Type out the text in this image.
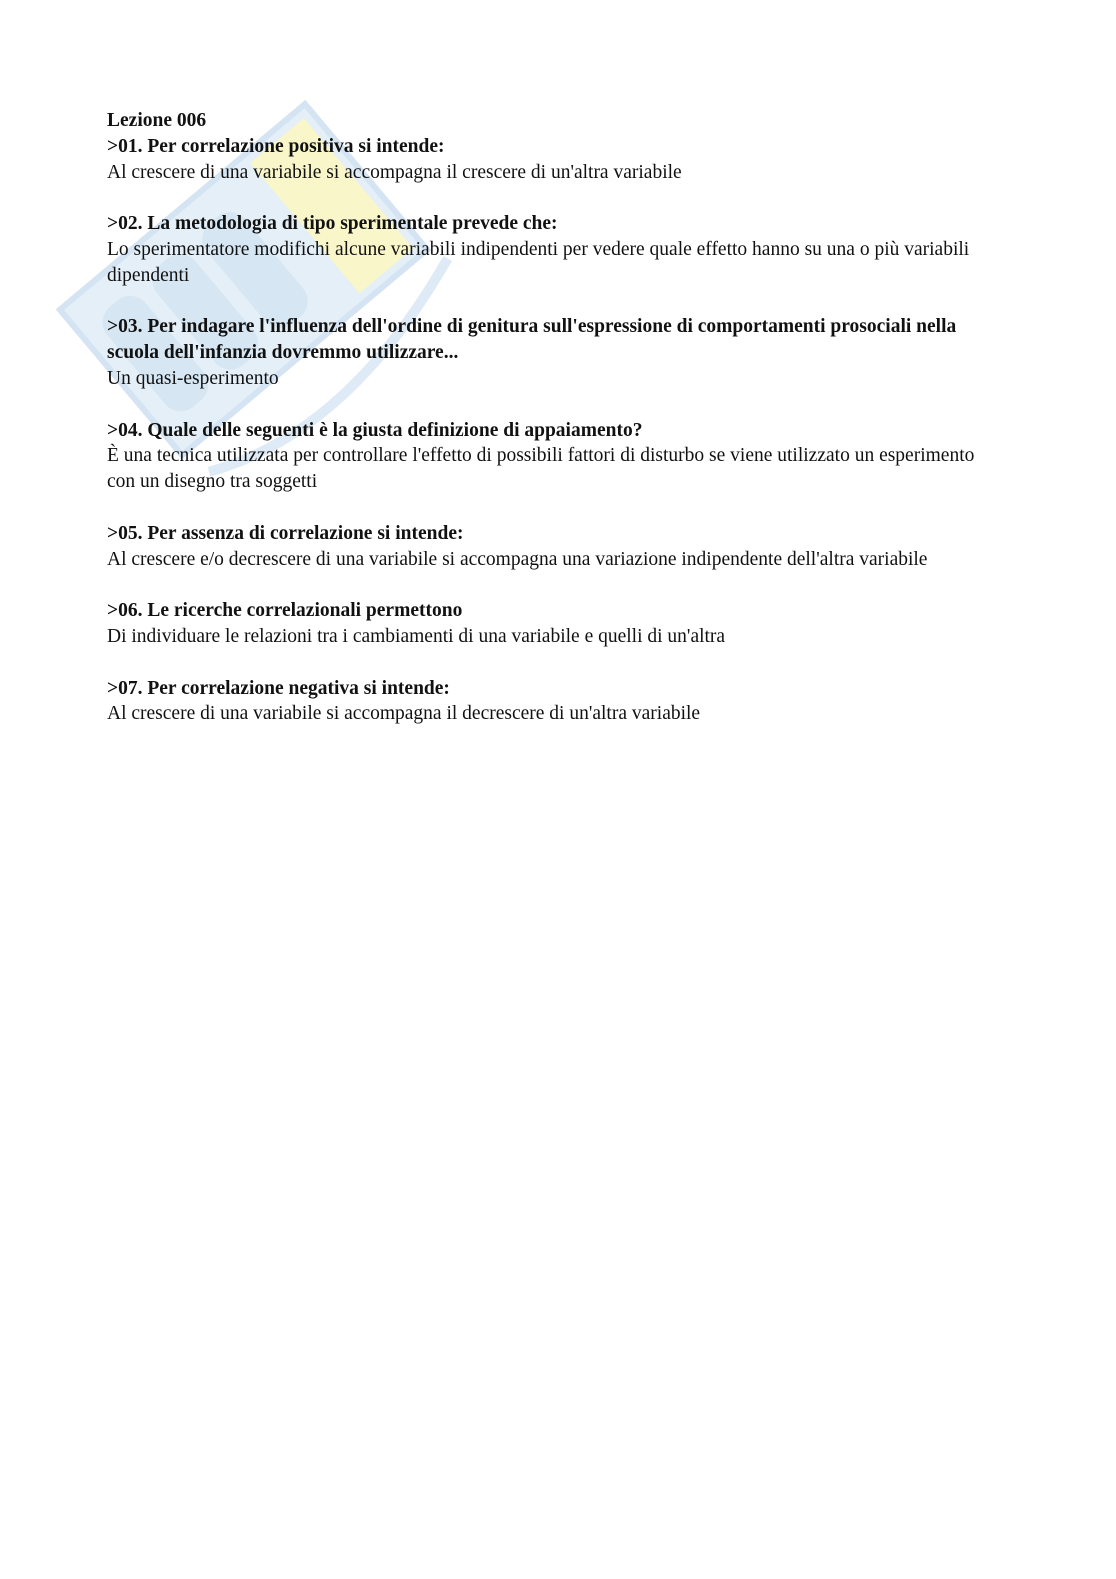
Lezione 006

>01. Per correlazione positiva si intende:

Al crescere di una variabile si accompagna il crescere di un'altra variabile

>02. La metodologia di tipo sperimentale prevede che:

Lo sperimentatore modifichi alcune variabili indipendenti per vedere quale effetto hanno su una o più variabili dipendenti

>03. Per indagare l'influenza dell'ordine di genitura sull'espressione di comportamenti prosociali nella scuola dell'infanzia dovremmo utilizzare...

Un quasi-esperimento

>04. Quale delle seguenti è la giusta definizione di appaiamento?

È una tecnica utilizzata per controllare l'effetto di possibili fattori di disturbo se viene utilizzato un esperimento con un disegno tra soggetti

>05. Per assenza di correlazione si intende:

Al crescere e/o decrescere di una variabile si accompagna una variazione indipendente dell'altra variabile

>06. Le ricerche correlazionali permettono

Di individuare le relazioni tra i cambiamenti di una variabile e quelli di un'altra

>07. Per correlazione negativa si intende:

Al crescere di una variabile si accompagna il decrescere di un'altra variabile
